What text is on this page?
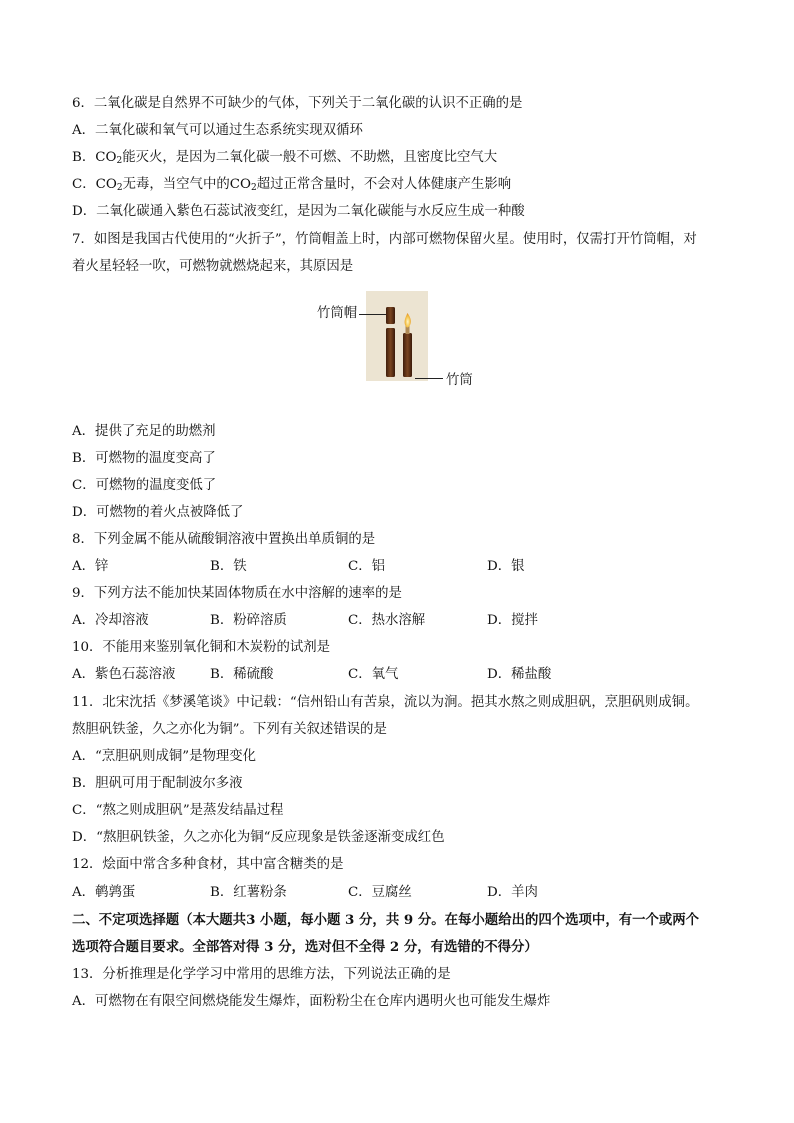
6．二氧化碳是自然界不可缺少的气体，下列关于二氧化碳的认识不正确的是
A．二氧化碳和氧气可以通过生态系统实现双循环
B．$CO_2$能灭火，是因为二氧化碳一般不可燃、不助燃，且密度比空气大
C．$CO_2$无毒，当空气中的$CO_2$超过正常含量时，不会对人体健康产生影响
D．二氧化碳通入紫色石蕊试液变红，是因为二氧化碳能与水反应生成一种酸
7．如图是我国古代使用的“火折子”，竹筒帽盖上时，内部可燃物保留火星。使用时，仅需打开竹筒帽，对
着火星轻轻一吹，可燃物就燃烧起来，其原因是
竹筒帽
竹筒
A．提供了充足的助燃剂
B．可燃物的温度变高了
C．可燃物的温度变低了
D．可燃物的着火点被降低了
8．下列金属不能从硫酸铜溶液中置换出单质铜的是
A．锌	B．铁	C．铝	D．银
9．下列方法不能加快某固体物质在水中溶解的速率的是
A．冷却溶液	B．粉碎溶质	C．热水溶解	D．搅拌
10．不能用来鉴别氧化铜和木炭粉的试剂是
A．紫色石蕊溶液	B．稀硫酸	C．氧气	D．稀盐酸
11．北宋沈括《梦溪笔谈》中记载：“信州铅山有苦泉，流以为涧。挹其水熬之则成胆矾，烹胆矾则成铜。
熬胆矾铁釜，久之亦化为铜”。下列有关叙述错误的是
A．“烹胆矾则成铜”是物理变化
B．胆矾可用于配制波尔多液
C．“熬之则成胆矾”是蒸发结晶过程
D．“熬胆矾铁釜，久之亦化为铜“反应现象是铁釜逐渐变成红色
12．烩面中常含多种食材，其中富含糖类的是
A．鹌鹑蛋	B．红薯粉条	C．豆腐丝	D．羊肉
二、不定项选择题（本大题共3 小题，每小题 3 分，共 9 分。在每小题给出的四个选项中，有一个或两个
选项符合题目要求。全部答对得 3 分，选对但不全得 2 分，有选错的不得分）
13．分析推理是化学学习中常用的思维方法，下列说法正确的是
A．可燃物在有限空间燃烧能发生爆炸，面粉粉尘在仓库内遇明火也可能发生爆炸
